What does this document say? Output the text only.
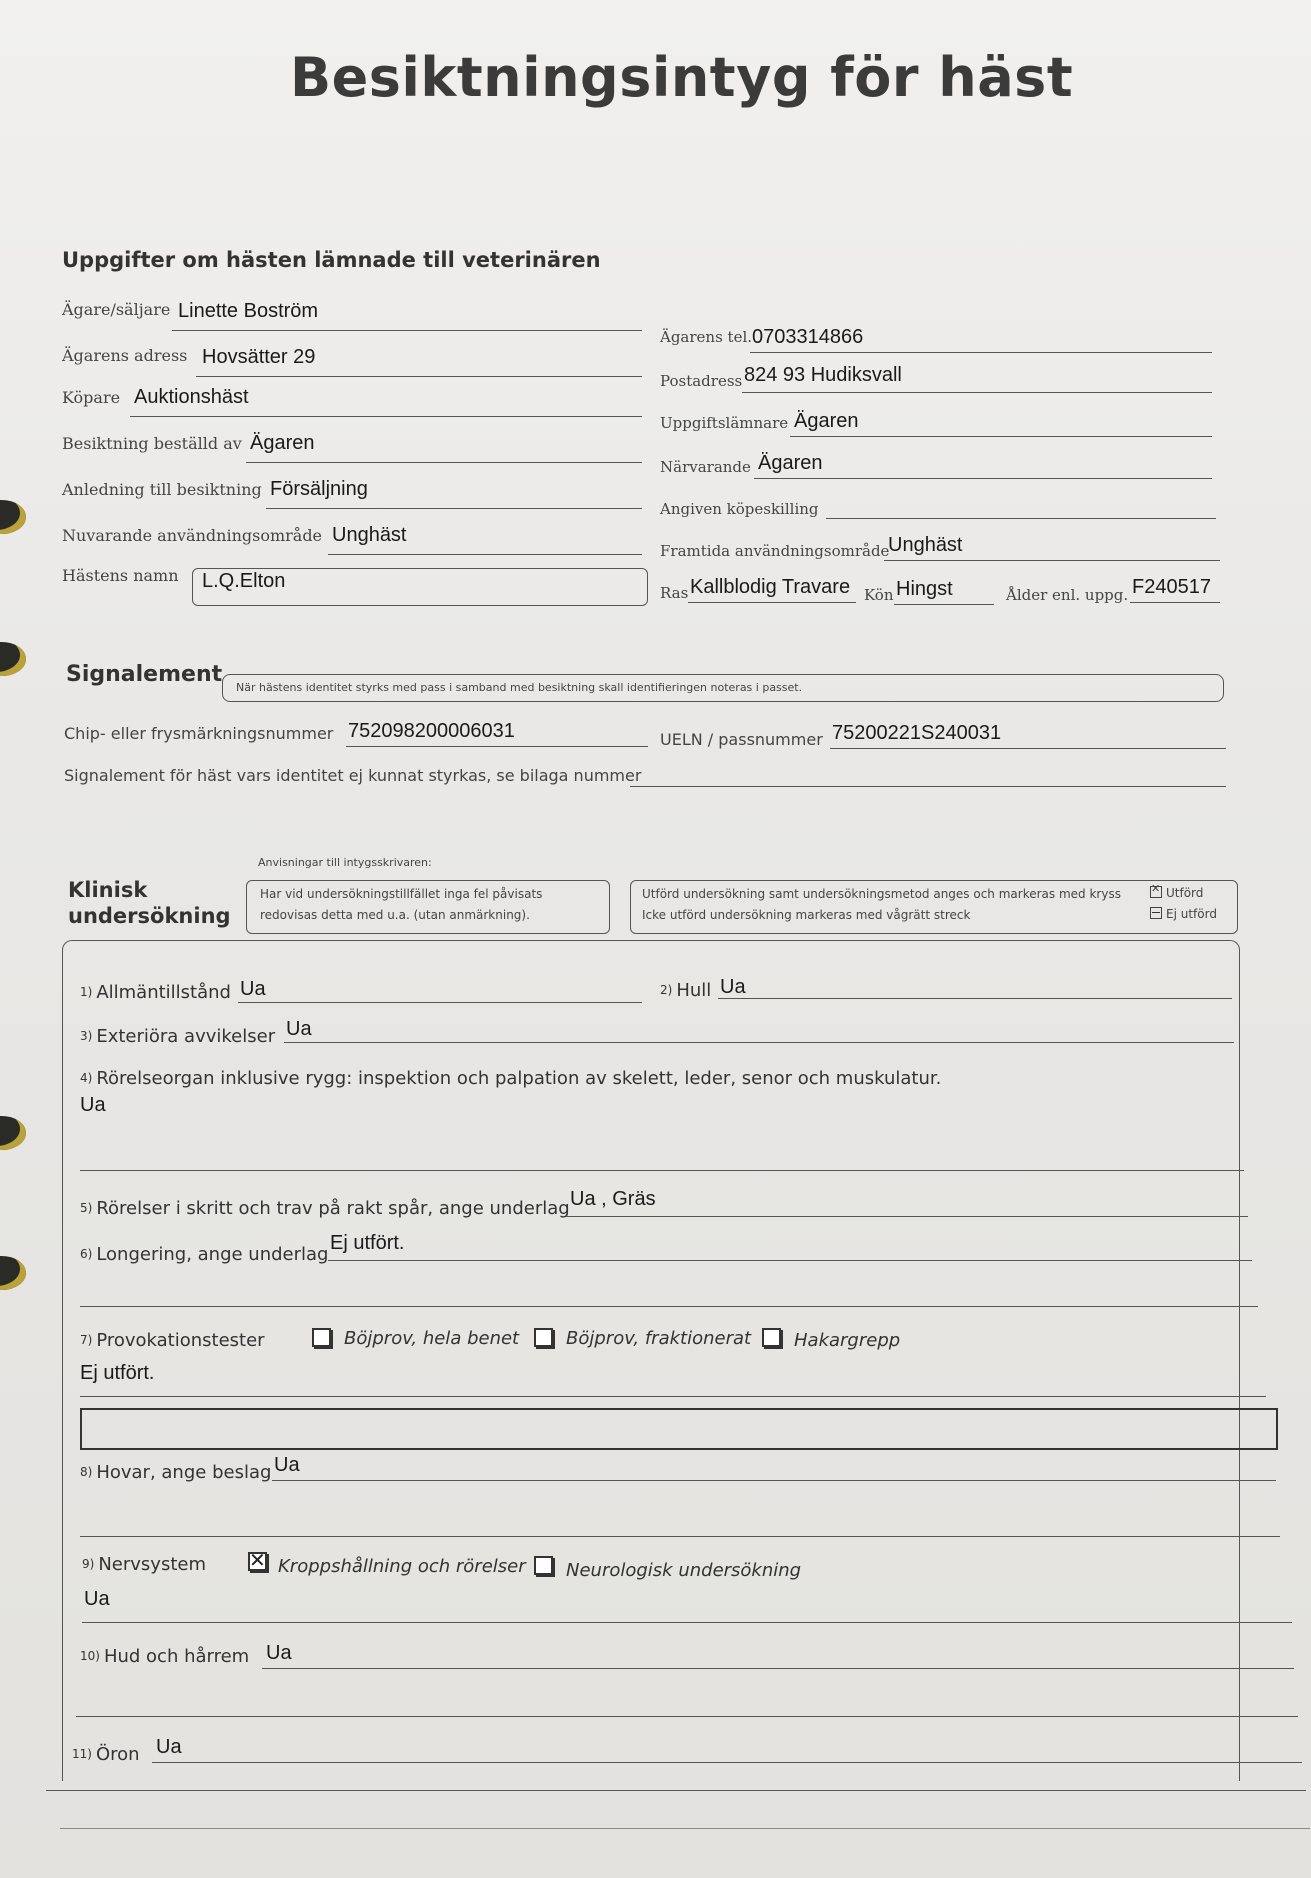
Besiktningsintyg för häst
Uppgifter om hästen lämnade till veterinären
Ägare/säljare Linette Boström
Ägarens tel. 0703314866
Ägarens adress Hovsätter 29
Postadress 824 93 Hudiksvall
Köpare Auktionshäst
Uppgiftslämnare Ägaren
Besiktning beställd av Ägaren
Närvarande Ägaren
Anledning till besiktning Försäljning
Angiven köpeskilling
Nuvarande användningsområde Unghäst
Framtida användningsområde
Unghäst
Hästens namn L.Q.Elton
Ras Kallblodig Travare Kön Hingst	Ålder enl. uppg. F240517
Signalement
När hästens identitet styrks med pass i samband med besiktning skall identifieringen noteras i passet.
Chip- eller frysmärkningsnummer 752098200006031	UELN / passnummer 75200221S240031
Signalement för häst vars identitet ej kunnat styrkas, se bilaga nummer
Anvisningar till intygsskrivaren:
Klinisk
undersökning
Har vid undersökningstillfället inga fel påvisats
redovisas detta med u.a. (utan anmärkning).
Utförd undersökning samt undersökningsmetod anges och markeras med kryss
Icke utförd undersökning markeras med vågrätt streck
✕Utförd
Ej utförd
1) Allmäntillstånd Ua	2) Hull Ua
3) Exteriöra avvikelser Ua
4) Rörelseorgan inklusive rygg: inspektion och palpation av skelett, leder, senor och muskulatur.
Ua
5) Rörelser i skritt och trav på rakt spår, ange underlag Ua , Gräs
6) Longering, ange underlag
Ej utfört.
7) Provokationstester	Böjprov, hela benet	Böjprov, fraktionerat Hakargrepp
Ej utfört.
8) Hovar, ange beslag Ua
9) Nervsystem
✕	Kroppshållning och rörelser Neurologisk undersökning
Ua
10) Hud och hårrem Ua
11) Öron Ua
